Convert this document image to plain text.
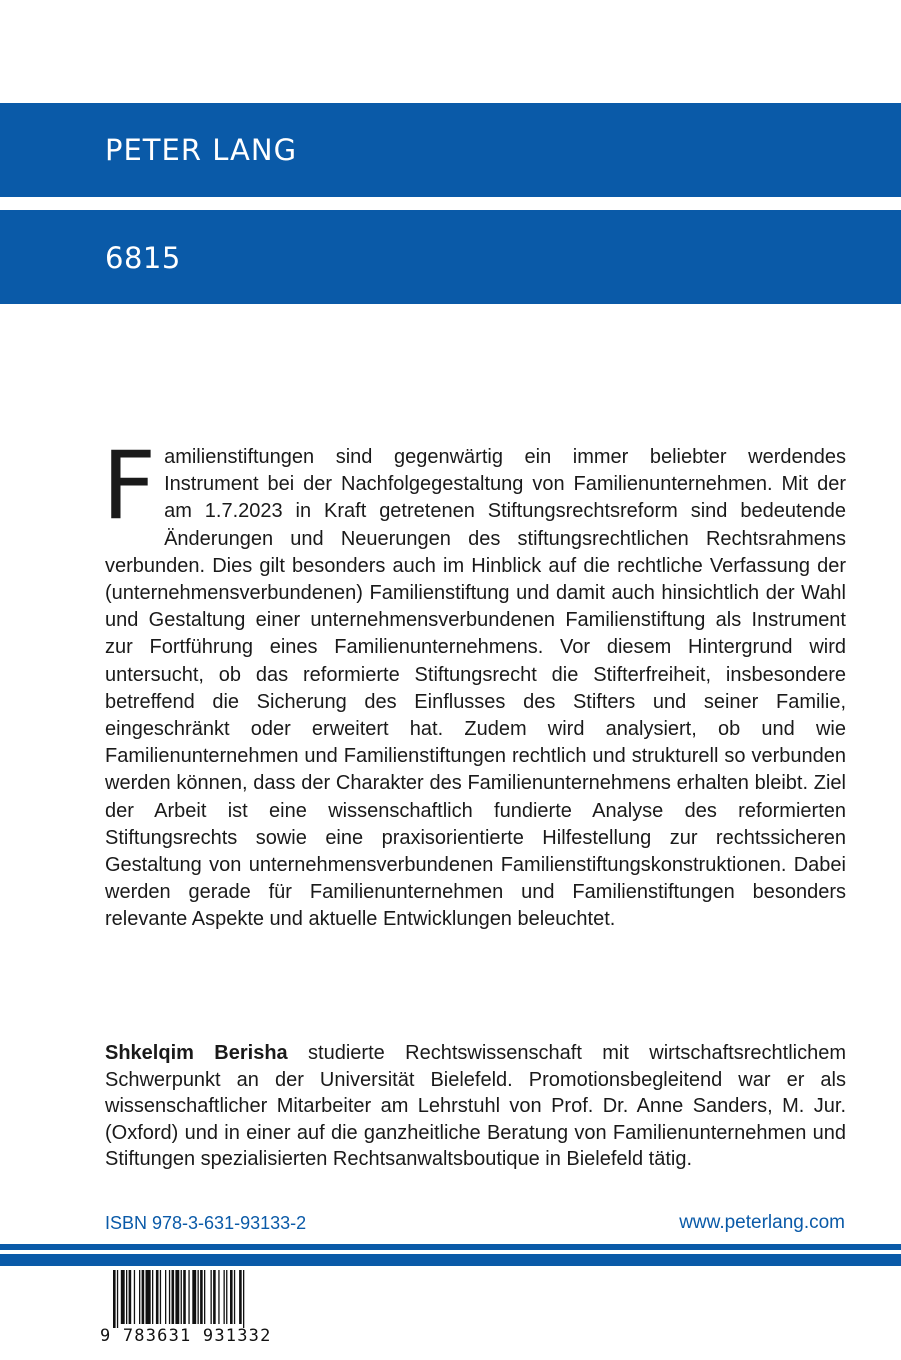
PETER LANG
6815

Familienstiftungen sind gegenwärtig ein immer beliebter werdendes Instrument bei der Nachfolgegestaltung von Familienunternehmen. Mit der am 1.7.2023 in Kraft getretenen Stiftungsrechtsreform sind bedeutende Änderungen und Neuerungen des stiftungsrechtlichen Rechtsrahmens verbunden. Dies gilt besonders auch im Hinblick auf die rechtliche Verfassung der (unternehmensverbundenen) Familienstiftung und damit auch hinsichtlich der Wahl und Gestaltung einer unternehmensverbundenen Familienstiftung als Instrument zur Fortführung eines Familienunternehmens. Vor diesem Hintergrund wird untersucht, ob das reformierte Stiftungsrecht die Stifterfreiheit, insbesondere betreffend die Sicherung des Einflusses des Stifters und seiner Familie, eingeschränkt oder erweitert hat. Zudem wird analysiert, ob und wie Familienunternehmen und Familienstiftungen rechtlich und strukturell so verbunden werden können, dass der Charakter des Familienunternehmens erhalten bleibt. Ziel der Arbeit ist eine wissenschaftlich fundierte Analyse des reformierten Stiftungsrechts sowie eine praxisorientierte Hilfestellung zur rechtssicheren Gestaltung von unternehmensverbundenen Familienstiftungskonstruktionen. Dabei werden gerade für Familienunternehmen und Familienstiftungen besonders relevante Aspekte und aktuelle Entwicklungen beleuchtet.

Shkelqim Berisha studierte Rechtswissenschaft mit wirtschaftsrechtlichem Schwerpunkt an der Universität Bielefeld. Promotionsbegleitend war er als wissenschaftlicher Mitarbeiter am Lehrstuhl von Prof. Dr. Anne Sanders, M. Jur. (Oxford) und in einer auf die ganzheitliche Beratung von Familienunternehmen und Stiftungen spezialisierten Rechtsanwaltsboutique in Bielefeld tätig.

ISBN 978-3-631-93133-2	www.peterlang.com
9 783631 931332
